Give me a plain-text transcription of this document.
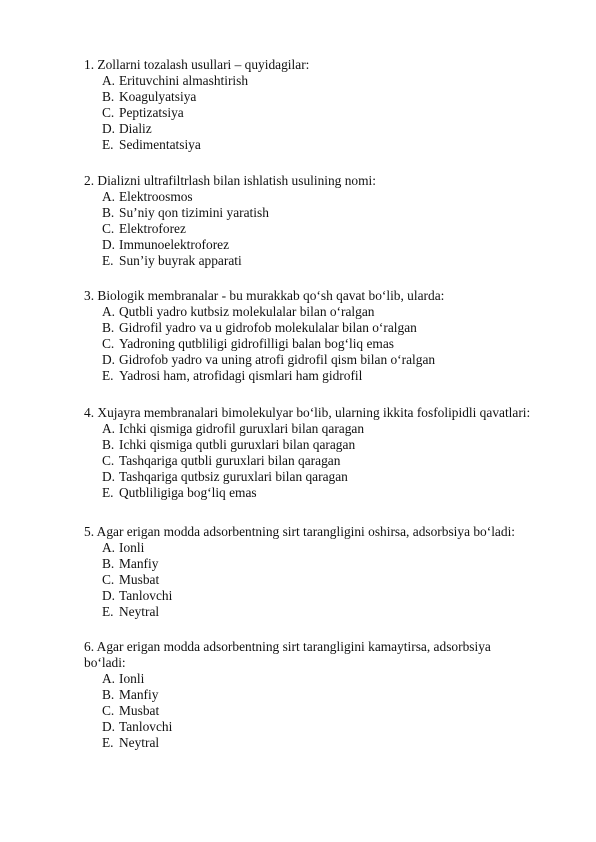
1. Zollarni tozalash usullari – quyidagilar:
A. Erituvchini almashtirish
B. Koagulyatsiya
C. Peptizatsiya
D. Dializ
E. Sedimentatsiya
2. Dializni ultrafiltrlash bilan ishlatish usulining nomi:
A. Elektroosmos
B. Su’niy qon tizimini yaratish
C. Elektroforez
D. Immunoelektroforez
E. Sun’iy buyrak apparati
3. Biologik membranalar - bu murakkab qo‘sh qavat bo‘lib, ularda:
A. Qutbli yadro kutbsiz molekulalar bilan o‘ralgan
B. Gidrofil yadro va u gidrofob molekulalar bilan o‘ralgan
C. Yadroning qutbliligi gidrofilligi balan bog‘liq emas
D. Gidrofob yadro va uning atrofi gidrofil qism bilan o‘ralgan
E. Yadrosi ham, atrofidagi qismlari ham gidrofil
4. Xujayra membranalari bimolekulyar bo‘lib, ularning ikkita fosfolipidli qavatlari:
A. Ichki qismiga gidrofil guruxlari bilan qaragan
B. Ichki qismiga qutbli guruxlari bilan qaragan
C. Tashqariga qutbli guruxlari bilan qaragan
D. Tashqariga qutbsiz guruxlari bilan qaragan
E. Qutbliligiga bog‘liq emas
5. Agar erigan modda adsorbentning sirt tarangligini oshirsa, adsorbsiya bo‘ladi:
A. Ionli
B. Manfiy
C. Musbat
D. Tanlovchi
E. Neytral
6. Agar erigan modda adsorbentning sirt tarangligini kamaytirsa, adsorbsiya bo‘ladi:
A. Ionli
B. Manfiy
C. Musbat
D. Tanlovchi
E. Neytral
